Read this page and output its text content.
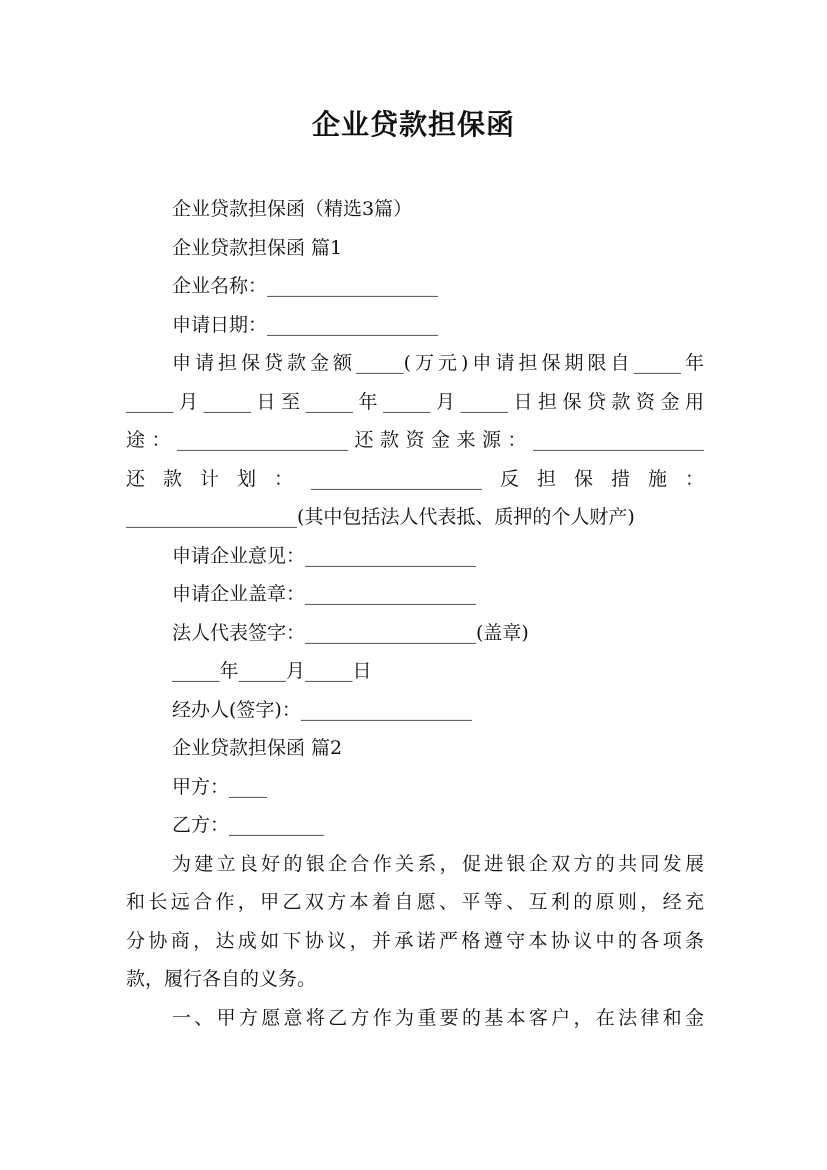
企业贷款担保函

企业贷款担保函（精选3篇）

企业贷款担保函 篇1

企业名称：__________________

申请日期：__________________

申请担保贷款金额_____(万元)申请担保期限自_____年

_____月_____日至_____年_____月_____日担保贷款资金用

途：__________________还款资金来源：__________________

还款计划：__________________反担保措施：

__________________(其中包括法人代表抵、质押的个人财产)

申请企业意见：__________________

申请企业盖章：__________________

法人代表签字：__________________(盖章)

_____年_____月_____日

经办人(签字)：__________________

企业贷款担保函 篇2

甲方：____

乙方：__________

为建立良好的银企合作关系，促进银企双方的共同发展

和长远合作，甲乙双方本着自愿、平等、互利的原则，经充

分协商，达成如下协议，并承诺严格遵守本协议中的各项条

款，履行各自的义务。

一、甲方愿意将乙方作为重要的基本客户，在法律和金
